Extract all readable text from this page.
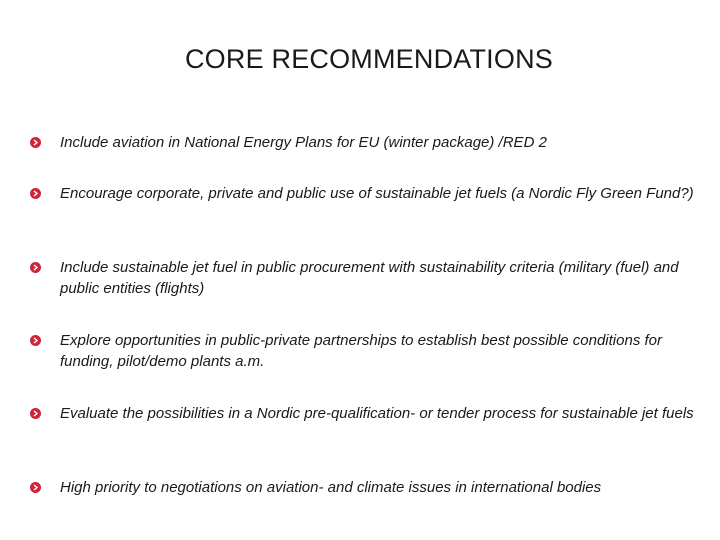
CORE RECOMMENDATIONS
Include aviation in National Energy Plans for EU (winter package) /RED 2
Encourage corporate, private and public use of sustainable jet fuels (a Nordic Fly Green Fund?)
Include sustainable jet fuel in public procurement with sustainability criteria (military (fuel) and public entities (flights)
Explore opportunities in public-private partnerships to establish best possible conditions for funding, pilot/demo plants a.m.
Evaluate the possibilities in a Nordic pre-qualification- or tender process for sustainable jet fuels
High priority to negotiations on aviation- and climate issues in international bodies
